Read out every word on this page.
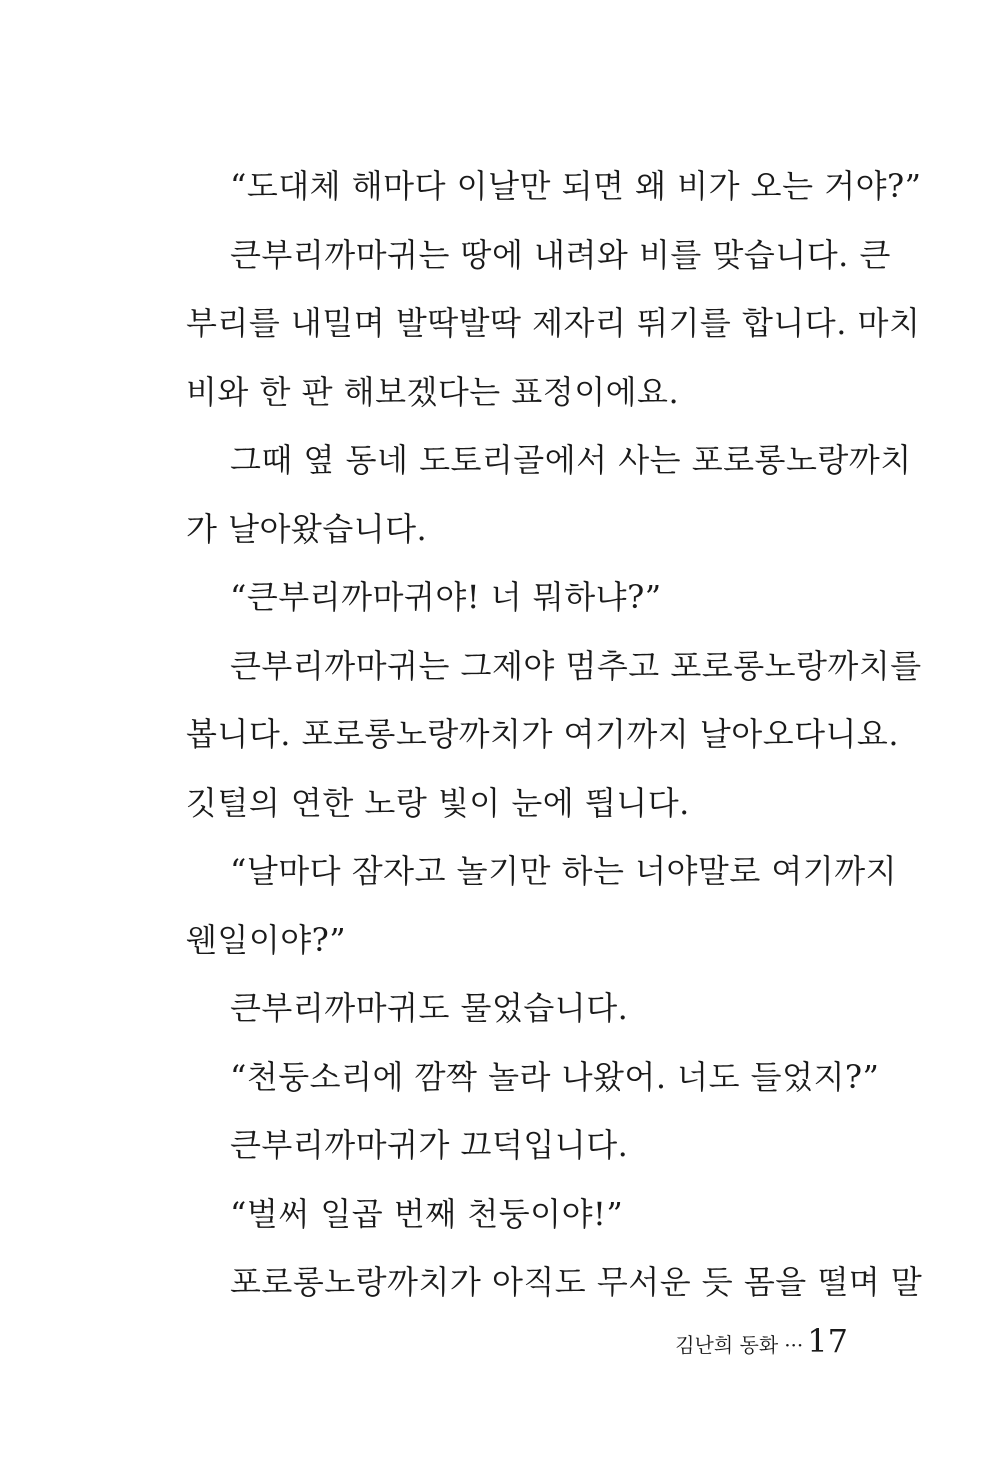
“도대체 해마다 이날만 되면 왜 비가 오는 거야?”
큰부리까마귀는 땅에 내려와 비를 맞습니다. 큰
부리를 내밀며 발딱발딱 제자리 뛰기를 합니다. 마치
비와 한 판 해보겠다는 표정이에요.
그때 옆 동네 도토리골에서 사는 포로롱노랑까치
가 날아왔습니다.
“큰부리까마귀야! 너 뭐하냐?”
큰부리까마귀는 그제야 멈추고 포로롱노랑까치를
봅니다. 포로롱노랑까치가 여기까지 날아오다니요.
깃털의 연한 노랑 빛이 눈에 띕니다.
“날마다 잠자고 놀기만 하는 너야말로 여기까지
웬일이야?”
큰부리까마귀도 물었습니다.
“천둥소리에 깜짝 놀라 나왔어. 너도 들었지?”
큰부리까마귀가 끄덕입니다.
“벌써 일곱 번째 천둥이야!”
포로롱노랑까치가 아직도 무서운 듯 몸을 떨며 말
김난희 동화 ··· 17
